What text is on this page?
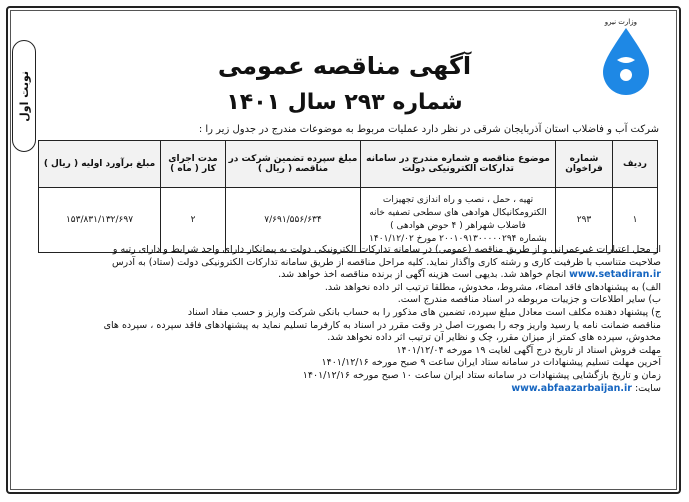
نوبت اول
وزارت نیرو
آگهی مناقصه عمومی
شماره ۲۹۳ سال ۱۴۰۱
شرکت آب و فاضلاب استان آذربایجان شرقی در نظر دارد عملیات مربوط به موضوعات مندرج در جدول زیر را :
ردیف	شماره فراخوان	موضوع مناقصه و شماره مندرج در سامانه تدارکات الکترونیکی دولت	مبلغ سپرده تضمین شرکت در مناقصه ( ریال )	مدت اجرای کار ( ماه )	مبلغ برآورد اولیه ( ریال )
۱	۲۹۳	تهیه ، حمل ، نصب و راه اندازی تجهیزات
الکترومکانیکال هوادهی های سطحی تصفیه خانه
فاضلاب شهراهر ( ۴ حوض هوادهی )
بشماره ۲۰۰۱۰۹۱۳۰۰۰۰۰۲۹۴ مورخ ۱۴۰۱/۱۲/۰۲	۷/۶۹۱/۵۵۶/۶۳۴	۲	۱۵۳/۸۳۱/۱۳۲/۶۹۷

از محل اعتبارات غیرعمرانی و از طریق مناقصه (عمومی) در سامانه تدارکات الکترونیکی دولت به پیمانکار دارای واجد شرایط و دارای رتبه و

صلاحیت متناسب با ظرفیت کاری و رشته کاری واگذار نماید. کلیه مراحل مناقصه از طریق سامانه تدارکات الکترونیکی دولت (ستاد) به آدرس

www.setadiran.ir انجام خواهد شد. بدیهی است هزینه آگهی از برنده مناقصه اخذ خواهد شد.

الف) به پیشنهادهای فاقد امضاء، مشروط، مخدوش، مطلقا ترتیب اثر داده نخواهد شد.

ب) سایر اطلاعات و جزییات مربوطه در اسناد مناقصه مندرج است.

ج) پیشنهاد دهنده مکلف است معادل مبلغ سپرده، تضمین های مذکور را به حساب بانکی شرکت واریز و حسب مفاد اسناد

مناقصه ضمانت نامه یا رسید واریز وجه را بصورت اصل در وقت مقرر در اسناد به کارفرما تسلیم نماید به پیشنهادهای فاقد سپرده ، سپرده های

مخدوش، سپرده های کمتر از میزان مقرر، چک و نظایر آن ترتیب اثر داده نخواهد شد.

مهلت فروش اسناد از تاریخ درج آگهی لغایت ۱۹ مورخه ۱۴۰۱/۱۲/۰۴

آخرین مهلت تسلیم پیشنهادات در سامانه ستاد ایران ساعت ۹ صبح مورخه ۱۴۰۱/۱۲/۱۶

زمان و تاریخ بازگشایی پیشنهادات در سامانه ستاد ایران ساعت ۱۰ صبح مورخه ۱۴۰۱/۱۲/۱۶

سایت: www.abfaazarbaijan.ir
